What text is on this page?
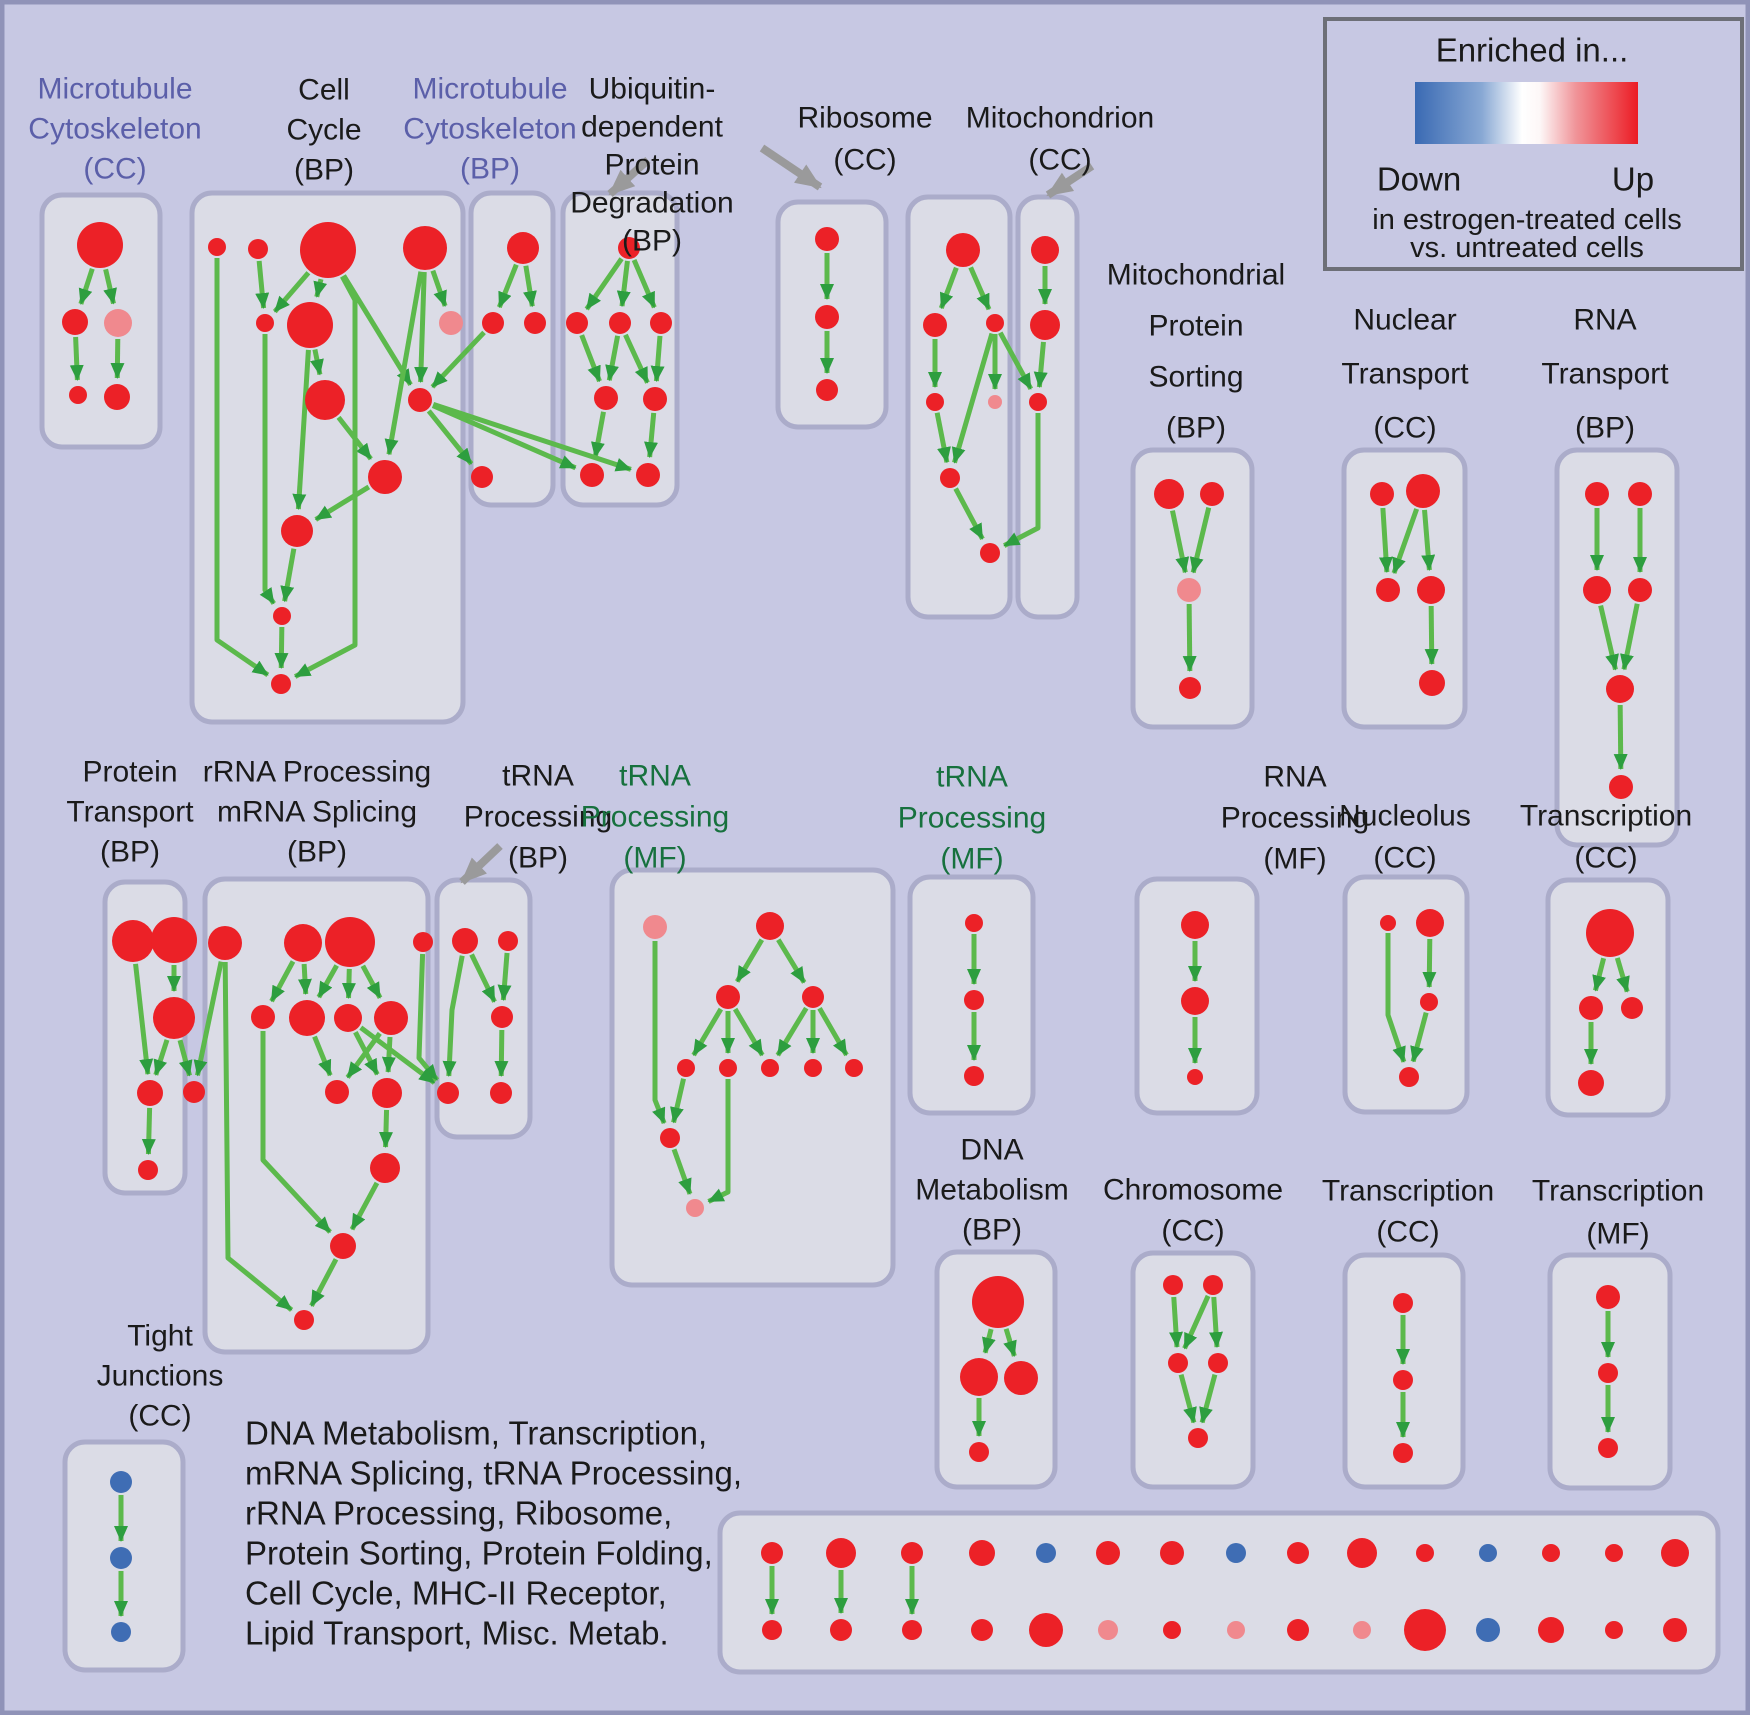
Microtubule
Cytoskeleton
(CC)
Cell
Cycle
(BP)
Microtubule
Cytoskeleton
(BP)
Ubiquitin-
dependent
Protein
Degradation
(BP)
Ribosome
(CC)
Mitochondrion
(CC)
Mitochondrial
Protein
Sorting
(BP)
Nuclear
Transport
(CC)
RNA
Transport
(BP)
Protein
Transport
(BP)
rRNA Processing
mRNA Splicing
(BP)
tRNA
Processing
(BP)
tRNA
Processing
(MF)
tRNA
Processing
(MF)
RNA
Processing
(MF)
Nucleolus
(CC)
Transcription
(CC)
DNA
Metabolism
(BP)
Chromosome
(CC)
Transcription
(CC)
Transcription
(MF)
Tight
Junctions
(CC) DNA Metabolism, Transcription,
mRNA Splicing, tRNA Processing,
rRNA Processing, Ribosome,
Protein Sorting, Protein Folding,
Cell Cycle, MHC-II Receptor,
Lipid Transport, Misc. Metab.
Enriched in...
Down	Up
in estrogen-treated cells
vs. untreated cells
